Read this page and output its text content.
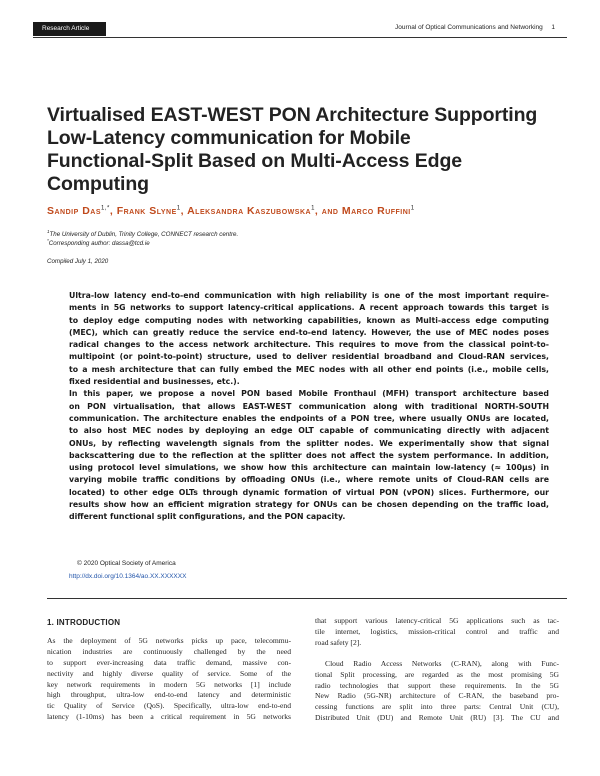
Research Article	Journal of Optical Communications and Networking 1
Virtualised EAST-WEST PON Architecture Supporting
Low-Latency communication for Mobile
Functional-Split Based on Multi-Access Edge
Computing
Sandip Das$^{1,*}$, Frank Slyne$^1$, Aleksandra Kaszubowska$^1$, and Marco Ruffini$^1$
$^1$The University of Dublin, Trinity College, CONNECT research centre.
*Corresponding author: dassa@tcd.ie
Compiled July 1, 2020
Ultra-low latency end-to-end communication with high reliability is one of the most important require-
ments in 5G networks to support latency-critical applications. A recent approach towards this target is
to deploy edge computing nodes with networking capabilities, known as Multi-access edge computing
(MEC), which can greatly reduce the service end-to-end latency. However, the use of MEC nodes poses
radical changes to the access network architecture. This requires to move from the classical point-to-
multipoint (or point-to-point) structure, used to deliver residential broadband and Cloud-RAN services,
to a mesh architecture that can fully embed the MEC nodes with all other end points (i.e., mobile cells,
fixed residential and businesses, etc.).
In this paper, we propose a novel PON based Mobile Fronthaul (MFH) transport architecture based
on PON virtualisation, that allows EAST-WEST communication along with traditional NORTH-SOUTH
communication. The architecture enables the endpoints of a PON tree, where usually ONUs are located,
to also host MEC nodes by deploying an edge OLT capable of communicating directly with adjacent
ONUs, by reflecting wavelength signals from the splitter nodes. We experimentally show that signal
backscattering due to the reflection at the splitter does not affect the system performance. In addition,
using protocol level simulations, we show how this architecture can maintain low-latency (≈ 100μs) in
varying mobile traffic conditions by offloading ONUs (i.e., where remote units of Cloud-RAN cells are
located) to other edge OLTs through dynamic formation of virtual PON (vPON) slices. Furthermore, our
results show how an efficient migration strategy for ONUs can be chosen depending on the traffic load,
different functional split configurations, and the PON capacity.
© 2020 Optical Society of America
http://dx.doi.org/10.1364/ao.XX.XXXXXX
1. INTRODUCTION
As the deployment of 5G networks picks up pace, telecommu-
nication industries are continuously challenged by the need
to support ever-increasing data traffic demand, massive con-
nectivity and highly diverse quality of service. Some of the
key network requirements in modern 5G networks [1] include
high throughput, ultra-low end-to-end latency and deterministic
tic Quality of Service (QoS). Specifically, ultra-low end-to-end
latency (1-10ms) has been a critical requirement in 5G networks
that support various latency-critical 5G applications such as tac-
tile internet, logistics, mission-critical control and traffic and
road safety [2].
Cloud Radio Access Networks (C-RAN), along with Func-
tional Split processing, are regarded as the most promising 5G
radio technologies that support these requirements. In the 5G
New Radio (5G-NR) architecture of C-RAN, the baseband pro-
cessing functions are split into three parts: Central Unit (CU),
Distributed Unit (DU) and Remote Unit (RU) [3]. The CU and
